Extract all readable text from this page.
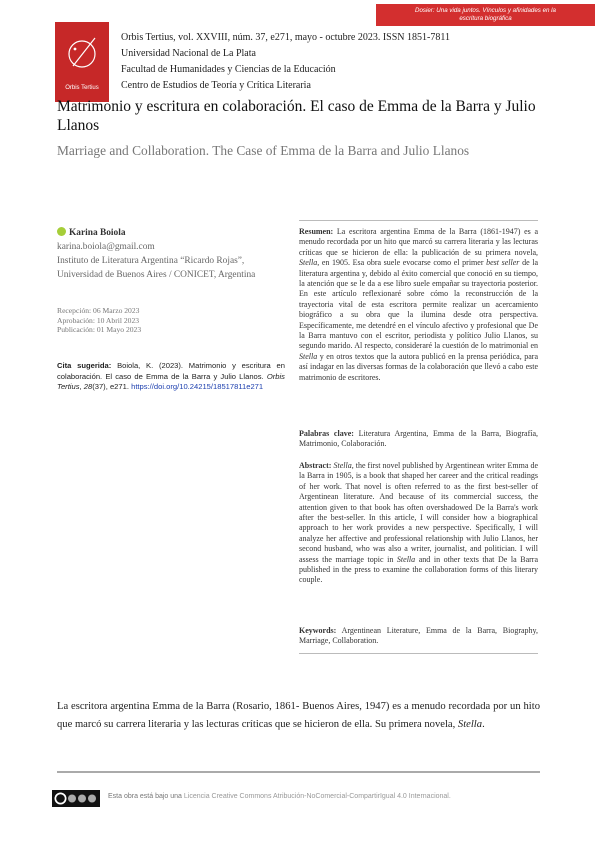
Dosier: Una vida juntos. Vínculos y afinidades en la
escritura biográfica
Orbis Tertius
Orbis Tertius, vol. XXVIII, núm. 37, e271, mayo - octubre 2023. ISSN 1851-7811
Universidad Nacional de La Plata
Facultad de Humanidades y Ciencias de la Educación
Centro de Estudios de Teoría y Crítica Literaria
Matrimonio y escritura en colaboración. El caso de Emma de la Barra y Julio Llanos
Marriage and Collaboration. The Case of Emma de la Barra and Julio Llanos
Karina Boiola
karina.boiola@gmail.com
Instituto de Literatura Argentina “Ricardo Rojas”,
Universidad de Buenos Aires / CONICET, Argentina
Recepción: 06 Marzo 2023
Aprobación: 10 Abril 2023
Publicación: 01 Mayo 2023
Cita sugerida: Boiola, K. (2023). Matrimonio y escritura en colaboración. El caso de Emma de la Barra y Julio Llanos. Orbis Tertius, 28(37), e271. https://doi.org/10.24215/18517811e271
Resumen: La escritora argentina Emma de la Barra (1861-1947) es a menudo recordada por un hito que marcó su carrera literaria y las lecturas críticas que se hicieron de ella: la publicación de su primera novela, Stella, en 1905. Esa obra suele evocarse como el primer best seller de la literatura argentina y, debido al éxito comercial que conoció en su tiempo, la atención que se le da a ese libro suele empañar su trayectoria posterior. En este artículo reflexionaré sobre cómo la reconstrucción de la trayectoria vital de esta escritora permite realizar un acercamiento biográfico a su obra que la ilumina desde otra perspectiva. Específicamente, me detendré en el vínculo afectivo y profesional que De la Barra mantuvo con el escritor, periodista y político Julio Llanos, su segundo marido. Al respecto, consideraré la cuestión de lo matrimonial en Stella y en otros textos que la autora publicó en la prensa periódica, para así indagar en las diversas formas de la colaboración que llevó a cabo este matrimonio de escritores.
Palabras clave: Literatura Argentina, Emma de la Barra, Biografía, Matrimonio, Colaboración.
Abstract: Stella, the first novel published by Argentinean writer Emma de la Barra in 1905, is a book that shaped her career and the critical readings of her work. That novel is often referred to as the first best-seller of Argentinean literature. And because of its commercial success, the attention given to that book has often overshadowed De la Barra's work after the best-seller. In this article, I will consider how a biographical approach to her work provides a new perspective. Specifically, I will analyze her affective and professional relationship with Julio Llanos, her second husband, who was also a writer, journalist, and politician. I will assess the marriage topic in Stella and in other texts that De la Barra published in the press to examine the collaboration forms of this literary couple.
Keywords: Argentinean Literature, Emma de la Barra, Biography, Marriage, Collaboration.
La escritora argentina Emma de la Barra (Rosario, 1861- Buenos Aires, 1947) es a menudo recordada por un hito que marcó su carrera literaria y las lecturas críticas que se hicieron de ella. Su primera novela, Stella.
Esta obra está bajo una Licencia Creative Commons Atribución-NoComercial-CompartirIgual 4.0 Internacional.
